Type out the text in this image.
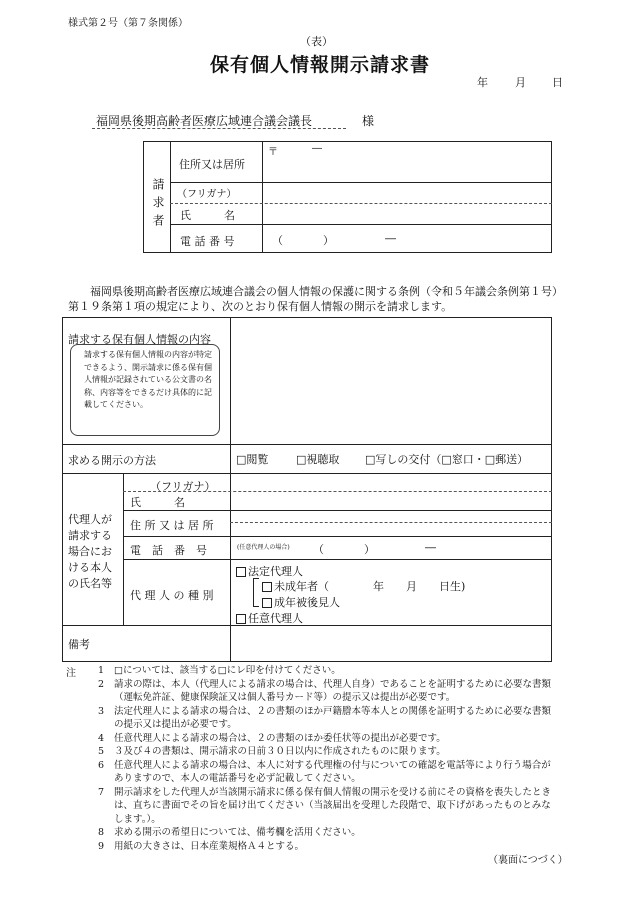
様式第２号（第７条関係）
（表）
保有個人情報開示請求書
年 月 日
福岡県後期高齢者医療広域連合議会議長	様
請求者
住所又は居所
〒	―
（フリガナ）
氏　　　名
電 話 番 号	（	）	―
福岡県後期高齢者医療広域連合議会の個人情報の保護に関する条例（令和５年議会条例第１号）第１９条第１項の規定により、次のとおり保有個人情報の開示を請求します。
請求する保有個人情報の内容
請求する保有個人情報の内容が特定できるよう、開示請求に係る保有個人情報が記録されている公文書の名称、内容等をできるだけ具体的に記載してください。
求める開示の方法	□閲覧	□視聴取 □写しの交付（□窓口・□郵送）
代理人が請求する場合における本人の氏名等
（フリガナ）
氏　　　名
住 所 又 は 居 所
電　話　番　号	(任意代理人の場合) （	）	―
代 理 人 の 種 別
法定代理人
未成年者（　　　　年　　月　　日生)
成年被後見人
任意代理人
備考
注	1	□については、該当する□にレ印を付けてください。
2	請求の際は、本人（代理人による請求の場合は、代理人自身）であることを証明するために必要な書類（運転免許証、健康保険証又は個人番号カード等）の提示又は提出が必要です。
3	法定代理人による請求の場合は、２の書類のほか戸籍謄本等本人との関係を証明するために必要な書類の提示又は提出が必要です。
4	任意代理人による請求の場合は、２の書類のほか委任状等の提出が必要です。
5	３及び４の書類は、開示請求の日前３０日以内に作成されたものに限ります。
6	任意代理人による請求の場合は、本人に対する代理権の付与についての確認を電話等により行う場合がありますので、本人の電話番号を必ず記載してください。
7	開示請求をした代理人が当該開示請求に係る保有個人情報の開示を受ける前にその資格を喪失したときは、直ちに書面でその旨を届け出てください（当該届出を受理した段階で、取下げがあったものとみなします。）。
8	求める開示の希望日については、備考欄を活用ください。
9	用紙の大きさは、日本産業規格Ａ４とする。
（裏面につづく）
